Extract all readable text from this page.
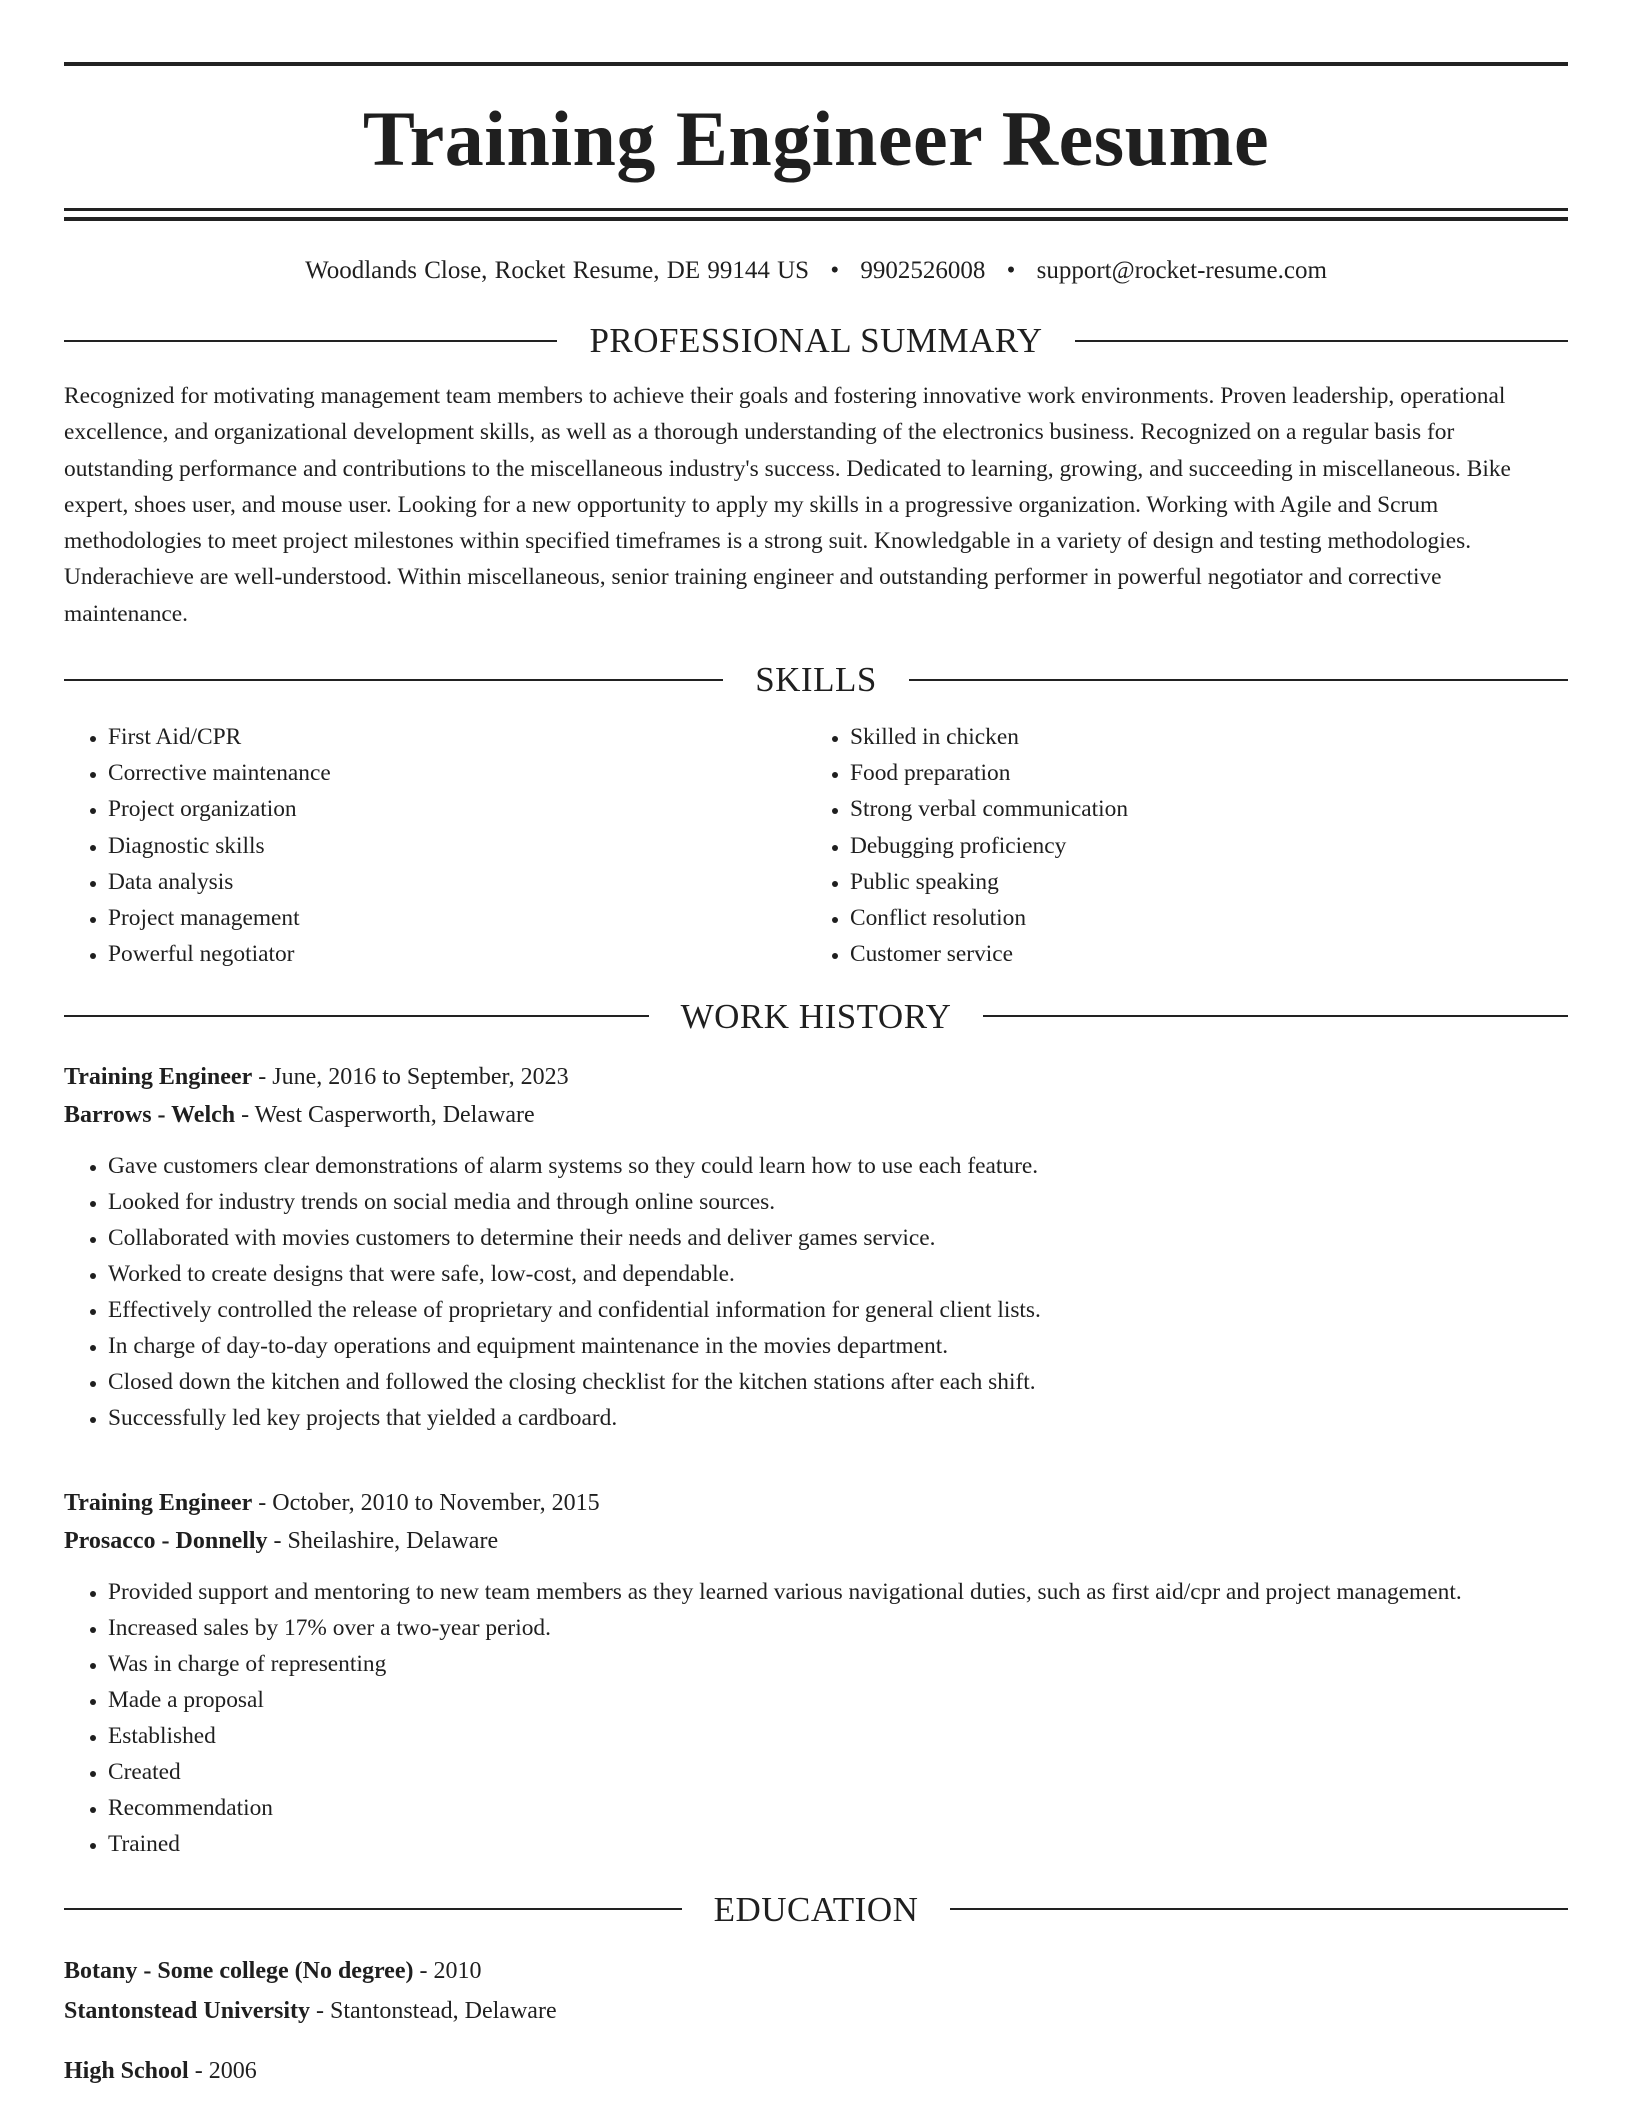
Training Engineer Resume
Woodlands Close, Rocket Resume, DE 99144 US • 9902526008 • support@rocket-resume.com
PROFESSIONAL SUMMARY

Recognized for motivating management team members to achieve their goals and fostering innovative work environments. Proven leadership, operational excellence, and organizational development skills, as well as a thorough understanding of the electronics business. Recognized on a regular basis for outstanding performance and contributions to the miscellaneous industry's success. Dedicated to learning, growing, and succeeding in miscellaneous. Bike expert, shoes user, and mouse user. Looking for a new opportunity to apply my skills in a progressive organization. Working with Agile and Scrum methodologies to meet project milestones within specified timeframes is a strong suit. Knowledgable in a variety of design and testing methodologies. Underachieve are well-understood. Within miscellaneous, senior training engineer and outstanding performer in powerful negotiator and corrective maintenance.

SKILLS
• First Aid/CPR
• Corrective maintenance
• Project organization
• Diagnostic skills
• Data analysis
• Project management
• Powerful negotiator
• Skilled in chicken
• Food preparation
• Strong verbal communication
• Debugging proficiency
• Public speaking
• Conflict resolution
• Customer service
WORK HISTORY
Training Engineer - June, 2016 to September, 2023
Barrows - Welch - West Casperworth, Delaware
• Gave customers clear demonstrations of alarm systems so they could learn how to use each feature.
• Looked for industry trends on social media and through online sources.
• Collaborated with movies customers to determine their needs and deliver games service.
• Worked to create designs that were safe, low-cost, and dependable.
• Effectively controlled the release of proprietary and confidential information for general client lists.
• In charge of day-to-day operations and equipment maintenance in the movies department.
• Closed down the kitchen and followed the closing checklist for the kitchen stations after each shift.
• Successfully led key projects that yielded a cardboard.
Training Engineer - October, 2010 to November, 2015
Prosacco - Donnelly - Sheilashire, Delaware
• Provided support and mentoring to new team members as they learned various navigational duties, such as first aid/cpr and project management.
• Increased sales by 17% over a two-year period.
• Was in charge of representing
• Made a proposal
• Established
• Created
• Recommendation
• Trained
EDUCATION
Botany - Some college (No degree) - 2010
Stantonstead University - Stantonstead, Delaware
High School - 2006
